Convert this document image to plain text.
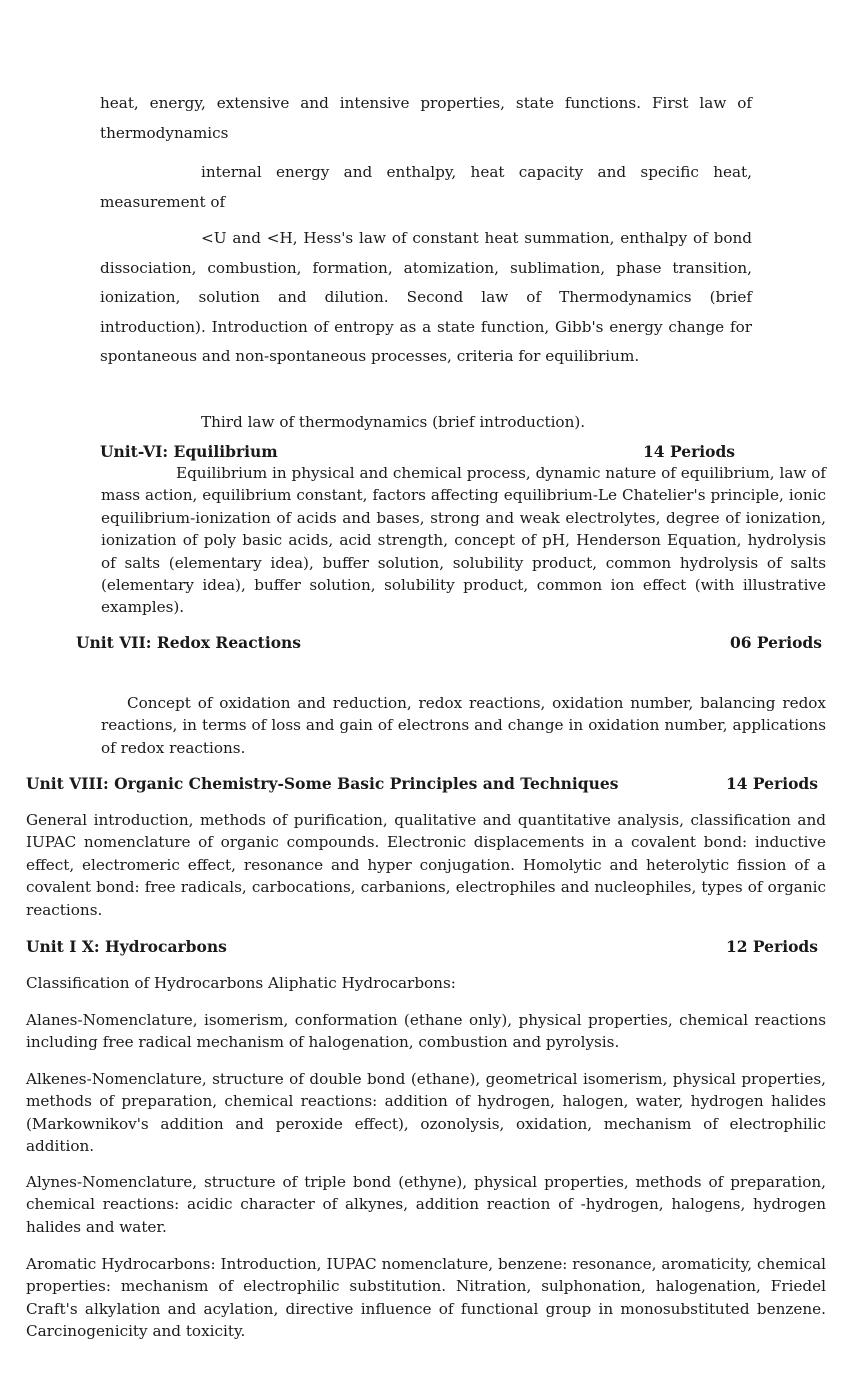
heat, energy, extensive and intensive properties, state functions. First law of thermodynamics

internal energy and enthalpy, heat capacity and specific heat, measurement of

<U and <H, Hess's law of constant heat summation, enthalpy of bond dissociation, combustion, formation, atomization, sublimation, phase transition, ionization, solution and dilution. Second law of Thermodynamics (brief introduction). Introduction of entropy as a state function, Gibb's energy change for spontaneous and non-spontaneous processes, criteria for equilibrium.

Third law of thermodynamics (brief introduction).

Unit-VI: Equilibrium	14 Periods

Equilibrium in physical and chemical process, dynamic nature of equilibrium, law of mass action, equilibrium constant, factors affecting equilibrium-Le Chatelier's principle, ionic equilibrium-ionization of acids and bases, strong and weak electrolytes, degree of ionization, ionization of poly basic acids, acid strength, concept of pH, Henderson Equation, hydrolysis of salts (elementary idea), buffer solution, solubility product, common hydrolysis of salts (elementary idea), buffer solution, solubility product, common ion effect (with illustrative examples).

Unit VII: Redox Reactions	06 Periods

Concept of oxidation and reduction, redox reactions, oxidation number, balancing redox reactions, in terms of loss and gain of electrons and change in oxidation number, applications of redox reactions.

Unit VIII: Organic Chemistry-Some Basic Principles and Techniques	14 Periods

General introduction, methods of purification, qualitative and quantitative analysis, classification and IUPAC nomenclature of organic compounds. Electronic displacements in a covalent bond: inductive effect, electromeric effect, resonance and hyper conjugation. Homolytic and heterolytic fission of a covalent bond: free radicals, carbocations, carbanions, electrophiles and nucleophiles, types of organic reactions.

Unit I X: Hydrocarbons	12 Periods

Classification of Hydrocarbons Aliphatic Hydrocarbons:

Alanes-Nomenclature, isomerism, conformation (ethane only), physical properties, chemical reactions including free radical mechanism of halogenation, combustion and pyrolysis.

Alkenes-Nomenclature, structure of double bond (ethane), geometrical isomerism, physical properties, methods of preparation, chemical reactions: addition of hydrogen, halogen, water, hydrogen halides (Markownikov's addition and peroxide effect), ozonolysis, oxidation, mechanism of electrophilic addition.

Alynes-Nomenclature, structure of triple bond (ethyne), physical properties, methods of preparation, chemical reactions: acidic character of alkynes, addition reaction of -hydrogen, halogens, hydrogen halides and water.

Aromatic Hydrocarbons: Introduction, IUPAC nomenclature, benzene: resonance, aromaticity, chemical properties: mechanism of electrophilic substitution. Nitration, sulphonation, halogenation, Friedel Craft's alkylation and acylation, directive influence of functional group in monosubstituted benzene. Carcinogenicity and toxicity.
